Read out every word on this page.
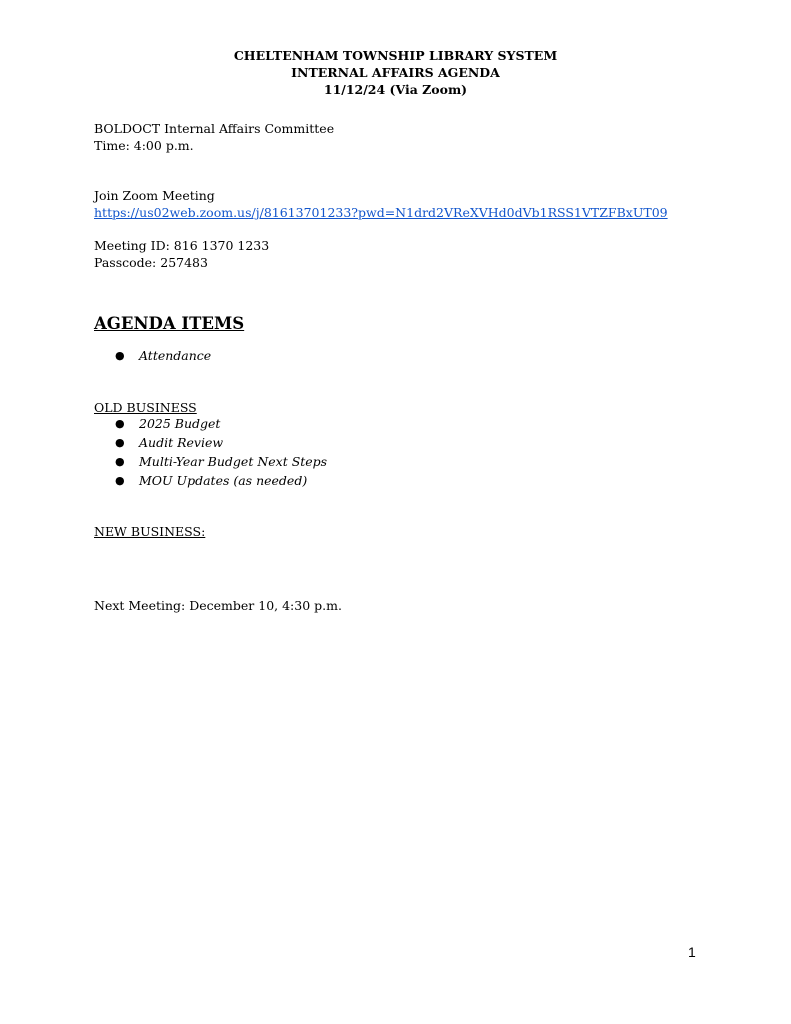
CHELTENHAM TOWNSHIP LIBRARY SYSTEM
INTERNAL AFFAIRS AGENDA
11/12/24 (Via Zoom)
BOLDOCT Internal Affairs Committee
Time: 4:00 p.m.
Join Zoom Meeting
https://us02web.zoom.us/j/81613701233?pwd=N1drd2VReXVHd0dVb1RSS1VTZFBxUT09
Meeting ID: 816 1370 1233
Passcode: 257483
AGENDA ITEMS
● Attendance
OLD BUSINESS
● 2025 Budget
● Audit Review
● Multi-Year Budget Next Steps
● MOU Updates (as needed)
NEW BUSINESS:
Next Meeting: December 10, 4:30 p.m.
1
